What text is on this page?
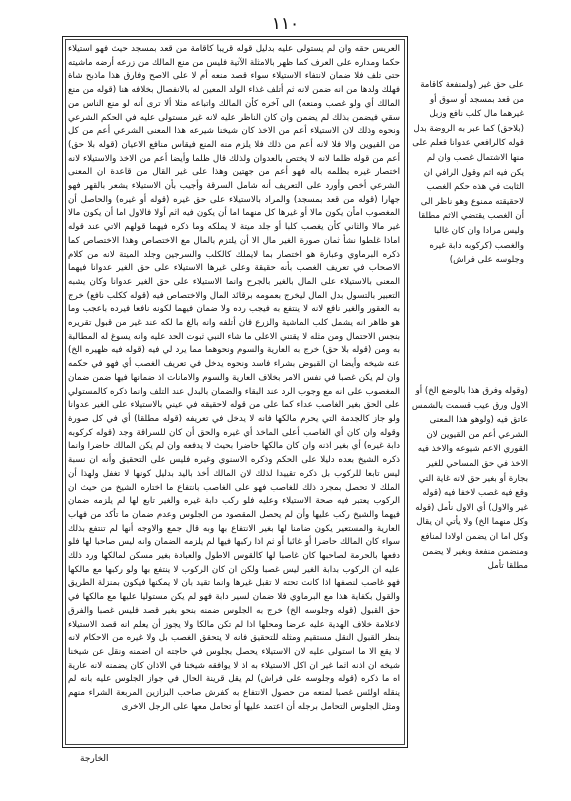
١١٠

العريس حقه وان لم يستولى عليه بدليل قوله قريبا كاقامة من قعد بمسجد حيث فهو استيلاء حكما ومداره على العرف كما ظهر بالامثلة الآتية فليس من منع المالك من زرعه أرضه ماشيته حتى تلف فلا ضمان لانتفاء الاستيلاء سواء قصد منعه أم لا على الاصح وفارق هذا ماذبح شاة فهلك ولدها من انه ضمن لانه ثم أتلف غذاء الولد المعين له بالانفصال بخلافه هنا (قوله من منع المالك أي ولو غصب ومنعه) الى آخره كأن المالك واتباعه مثلا ألا ترى أنه لو منع الناس من سقي فيضمن بذلك لم يضمن وان كان الناظر عليه لانه غير مستولى عليه في الحكم الشرعي ونحوه وذلك لان الاستيلاء أعم من الاخذ كان شيخنا شيرعه هذا المعنى الشرعي أعم من كل من القيوين والا فلا لانه أعم من ذلك فلا يلزم منه المنع فيقاس منافع الاعيان (قوله بلا حق) أعم من قوله ظلما لانه لا يختص بالعدوان ولذلك قال ظلما وأيضا أعم من الاخذ والاستيلاء لانه اختصار غيره بظلمه باله فهو أعم من جهتين وهذا على غير القال من قاعدة ان المعنى الشرعي أخص وأورد على التعريف أنه شامل السرقة وأجيب بأن الاستيلاء يشعر بالقهر فهو جهارا (قوله من قعد بمسجد) والمراد بالاستيلاء على حق غيره (قوله أو غيره) والحاصل أن المغصوب امأن يكون مالا أو غيرها كل منهما اما أن يكون فيه اثم أولا فالاول اما أن يكون مالا غير مالا والثاني كأن يغصب كلبا أو جلد ميتة لا يملكه وما ذكره فيهما قولهم الاتي عند قوله اماذا غلطوا نشأ ثمان صورة الغير مال الا أن يلتزم بالمال مع الاختصاص وهذا الاختصاص كما ذكره البرماوي وعبارة هو اختصار بما لايملك كالكلب والسرجين وجلد الميتة لانه من كلام الاصحاب في تعريف الغصب بأنه حقيقة وعلى غيرها الاستيلاء على حق الغير عدوانا فيهما المعنى بالاستيلاء على المال بالغير بالجرح وانما الاستيلاء على حق الغير عدوانا وكان يشبه التعبير بالتسول بدل المال ليخرج بعمومه برقائد المال والاختصاص فيه (قوله ككلب نافع) خرج به العقور والغير نافع لانه لا ينتفع به فيجب رده ولا ضمان فيهما لكونه نافعا فيرده باعجب وما هو ظاهر انه يشمل كلب الماشية والزرع فان أتلفه وانه بالغ ما لكه عند غير من قبول تقريره بنجس الاحتمال ومن مثله لا يقتني الاعلى ما شاء النبي ثبوت الحد عليه وانه يسوغ له المطالبة به ومن (قوله بلا حق) خرج به العارية والسوم ونحوهما مما يرد لي فيه (قوله فيه ظهيره الخ) عنه شيخه وأيضا ان القبوض بشراء فاسد ونحوه يدخل في تعريف الغصب أي فهو في حكمه وان لم يكن غصبا في نفس الامر بخلاف العارية والسوم والامانات اذ ضمانها فيها ضمن ضمان المغصوب على انه مع وجوب الرد عند البقاء والضمان بالبدل عند التلف وانما ذكره كالمستولي على الحق بغير الغاصب عداء كما على من قوله لاحقيقه في عيني بالاستيلاء على الغير عدوانا ولو جاز كالجدمة التي يحرم مالكها فانه لا يدخل في تعريفه (قوله مطلقا) أي في كل صورة وقوله وان كان أي الغاصب أعلى الماخذ أي غيره والحق أن كان للسراقة وجد (قوله كركوبه دابة غيره) أي بغير اذنه وان كان مالكها حاضرا بحيث لا يدفعه وان لم يكن المالك حاضرا وانما ذكره الشيخ بعده دليلا على الحكم وذكره الاسنوي وغيره فليس على التحقيق وأنه ان نسبة ليس تابعا للركوب بل ذكره تقييدا لذلك لان المالك أخذ باليد بدليل كونها لا تغفل ولهذا أن الملك لا تحصل بمجرد ذلك للغاصب فهو على الغاصب بانتفاع ما اختاره الشيخ من حيث ان الركوب يعتبر فيه صحة الاستيلاء وعليه فلو ركب دابة غيره والغير تابع لها لم يلزمه ضمان فيهما والشيخ ركب عليها وأن لم يحصل المقصود من الجلوس وعدم ضمان ما تأكد من فهاب العارية والمستعير يكون ضامنا لها بغير الانتفاع بها وبه قال جمع والاوجه أنها لم تنتفع بذلك سواء كان المالك حاضرا أو غائبا أو ثم اذا ركبها فيها لم يلزمه الضمان وانه ليس صاحبا لها فلو دفعها بالحرمة لصاحبها كان غاصبا لها كالقوس الاطول والعبادة بغير مسكن لمالكها ورد ذلك عليه ان الركوب بدابة الغير ليس غصبا ولكن ان كان الركوب لا ينتفع بها ولو ركبها مع مالكها فهو غاصب لنصفها اذا كانت تحته لا تقبل غيرها وانما تقيد بان لا يمكنها فيكون بمنزلة الطريق والقول بكفاية هذا مع البرماوي فلا ضمان لسير دابة فهو لم يكن مستوليا عليها مع مالكها في حق القبول (قوله وجلوسه الخ) خرج به الجلوس ضمنه بنحو بغير قصد فليس غصبا والفرق لاعلامة خلاف الهدية عليه عرضا ومحلها اذا لم تكن مالكا ولا يجوز أن يعلم انه قصد الاستيلاء بنظر القبول النقل مستقيم ومثله للتحقيق فانه لا يتحقق الغصب بل ولا غيره من الاحكام لانه لا يقع الا ما استولى عليه لان الاستيلاء يحصل بجلوس في حاجته ان اضمنه ونقل عن شيخنا شيخه ان اذنه اثما غير ان اكل الاستيلاء به اذ لا يوافقه شيخنا في الاذان كان يضمنه لانه عارية اه ما ذكره (قوله وجلوسه على فراش) لم يقل قرينة الحال في جواز الجلوس عليه بانه لم ينقله اولئس غصبا لمنعه من حصول الانتفاع به كفرش صاحب البزازين المربعة الشراء منهم ومثل الجلوس التحامل برجله أن اعتمد عليها أو تحامل معها على الرجل الاخرى

على حق غير (ولمنفعة كاقامة من قعد بمسجد أو سوق أو غيرهما مال كلب نافع وزبل (بلاحق) كما عبر به الروضة بدل قوله كالرافعي عدوانا فعلم على منها الاشتمال غصب وان لم يكن فيه اثم وقول الرافي ان الثابت في هذه حكم الغصب لاحقيقته ممنوع وهو ناظر الى أن الغصب يقتضي الاثم مطلقا وليس مرادا وان كان غالبا والغصب (كركوبه دابة غيره وجلوسه على فراش)

(وقوله وفرق هذا بالوضع الخ) أو الاول ورق عيب قسمت بالشمس عاتق فيه (ولوهو هذا المعنى الشرعي أعم من القيوين لان القوري الاعم شيوعه والاخذ فيه الاخذ في حق المساحي للغير بجارة أو بغير حق لانه غاية التي وقع فيه غصب لاخفا فيه (قوله غير والاول) أي الاول نأمل (قوله وكل منهما الخ) ولا يأتي ان يقال وكل اما ان يضمن اولادا لمنافع ومنضمن منفعة وبغير لا يضمن مطلقا تأمل

الخارجة
